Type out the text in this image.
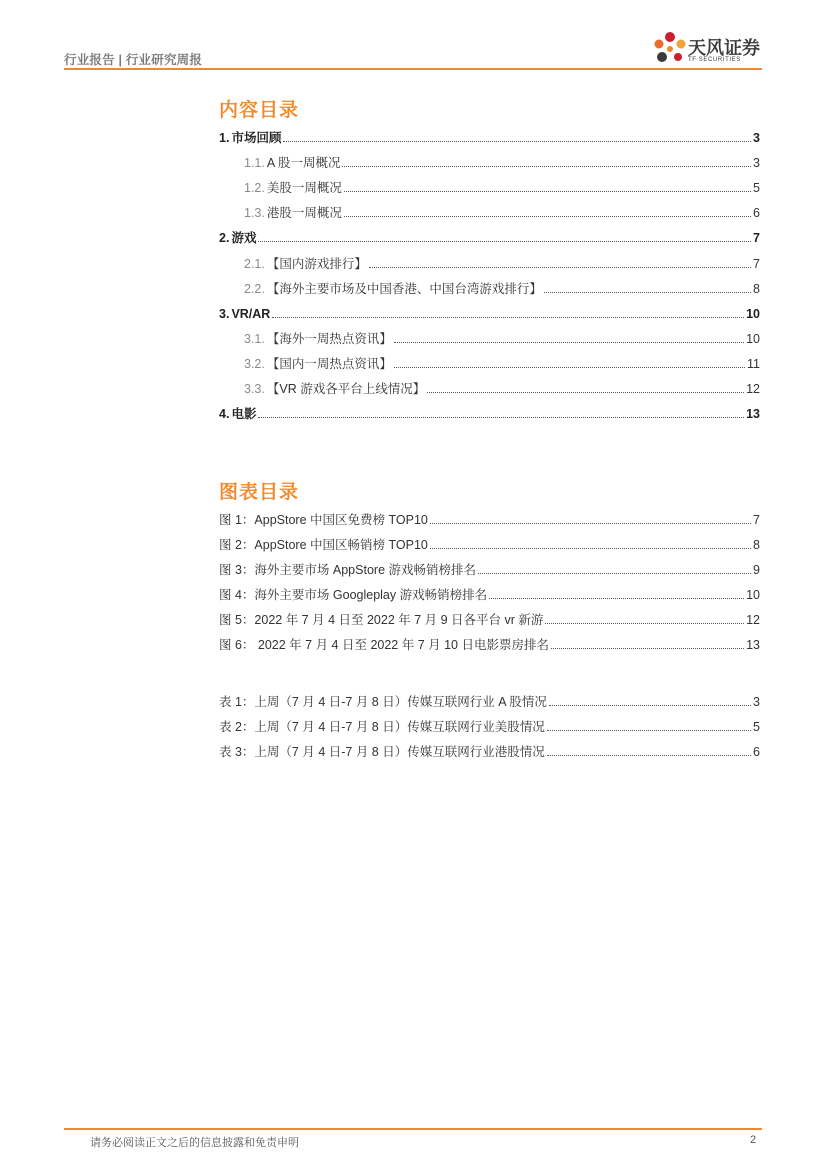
行业报告 | 行业研究周报
天风证券
TF SECURITIES
内容目录
1. 市场回顾	3
1.1. A 股一周概况	3
1.2. 美股一周概况	5
1.3. 港股一周概况	6
2. 游戏	7
2.1. 【国内游戏排行】	7
2.2. 【海外主要市场及中国香港、中国台湾游戏排行】	8
3. VR/AR	10
3.1. 【海外一周热点资讯】	10
3.2. 【国内一周热点资讯】	11
3.3. 【VR 游戏各平台上线情况】	12
4. 电影	13
图表目录
图 1：AppStore 中国区免费榜 TOP10	7
图 2：AppStore 中国区畅销榜 TOP10	8
图 3：海外主要市场 AppStore 游戏畅销榜排名	9
图 4：海外主要市场 Googleplay 游戏畅销榜排名	10
图 5：2022 年 7 月 4 日至 2022 年 7 月 9 日各平台 vr 新游	12
图 6： 2022 年 7 月 4 日至 2022 年 7 月 10 日电影票房排名	13
表 1：上周（7 月 4 日-7 月 8 日）传媒互联网行业 A 股情况	3
表 2：上周（7 月 4 日-7 月 8 日）传媒互联网行业美股情况	5
表 3：上周（7 月 4 日-7 月 8 日）传媒互联网行业港股情况	6
请务必阅读正文之后的信息披露和免责申明	2
